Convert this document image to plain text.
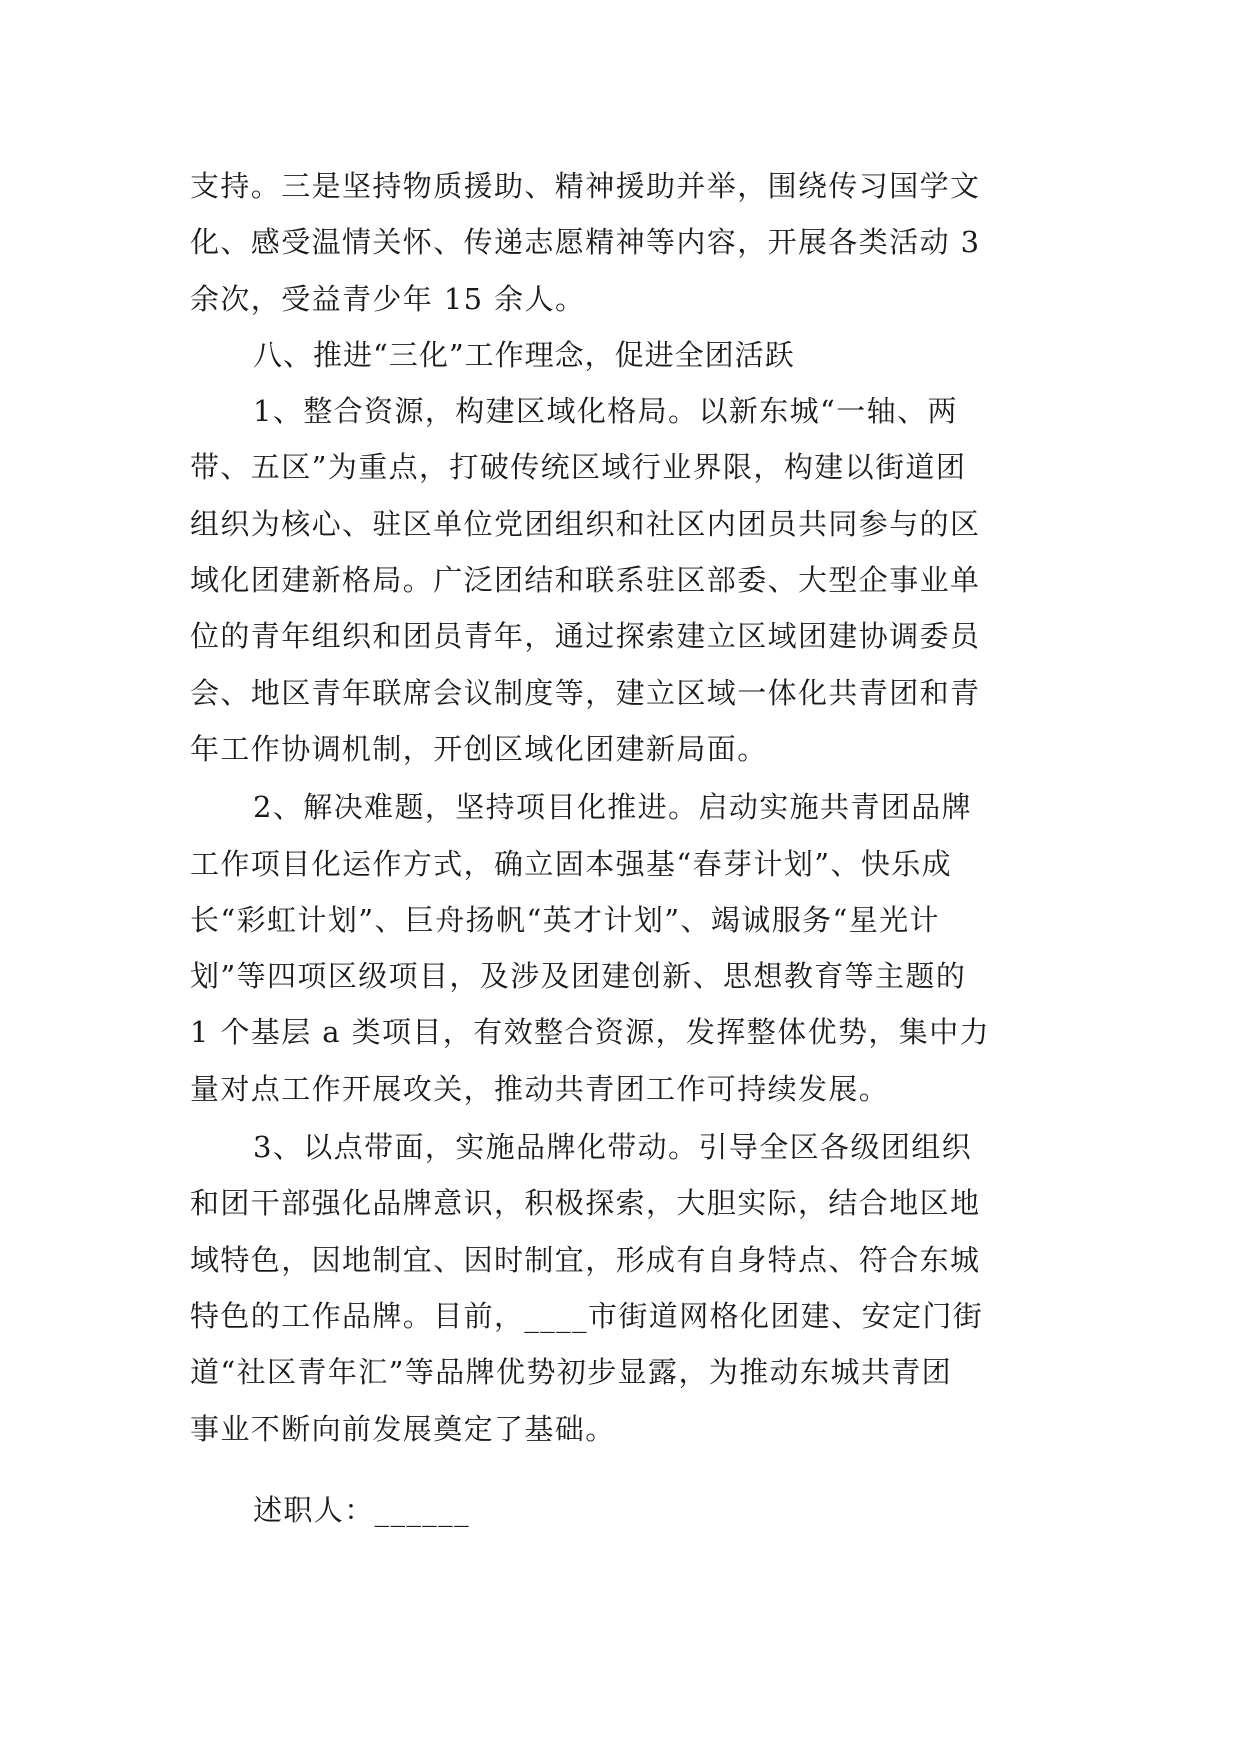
支持。三是坚持物质援助、精神援助并举，围绕传习国学文
化、感受温情关怀、传递志愿精神等内容，开展各类活动 3
余次，受益青少年 15 余人。
八、推进“三化”工作理念，促进全团活跃
1、整合资源，构建区域化格局。以新东城“一轴、两
带、五区”为重点，打破传统区域行业界限，构建以街道团
组织为核心、驻区单位党团组织和社区内团员共同参与的区
域化团建新格局。广泛团结和联系驻区部委、大型企事业单
位的青年组织和团员青年，通过探索建立区域团建协调委员
会、地区青年联席会议制度等，建立区域一体化共青团和青
年工作协调机制，开创区域化团建新局面。
2、解决难题，坚持项目化推进。启动实施共青团品牌
工作项目化运作方式，确立固本强基“春芽计划”、快乐成
长“彩虹计划”、巨舟扬帆“英才计划”、竭诚服务“星光计
划”等四项区级项目，及涉及团建创新、思想教育等主题的
1 个基层 a 类项目，有效整合资源，发挥整体优势，集中力
量对点工作开展攻关，推动共青团工作可持续发展。
3、以点带面，实施品牌化带动。引导全区各级团组织
和团干部强化品牌意识，积极探索，大胆实际，结合地区地
域特色，因地制宜、因时制宜，形成有自身特点、符合东城
特色的工作品牌。目前，____市街道网格化团建、安定门街
道“社区青年汇”等品牌优势初步显露，为推动东城共青团
事业不断向前发展奠定了基础。
述职人：______
